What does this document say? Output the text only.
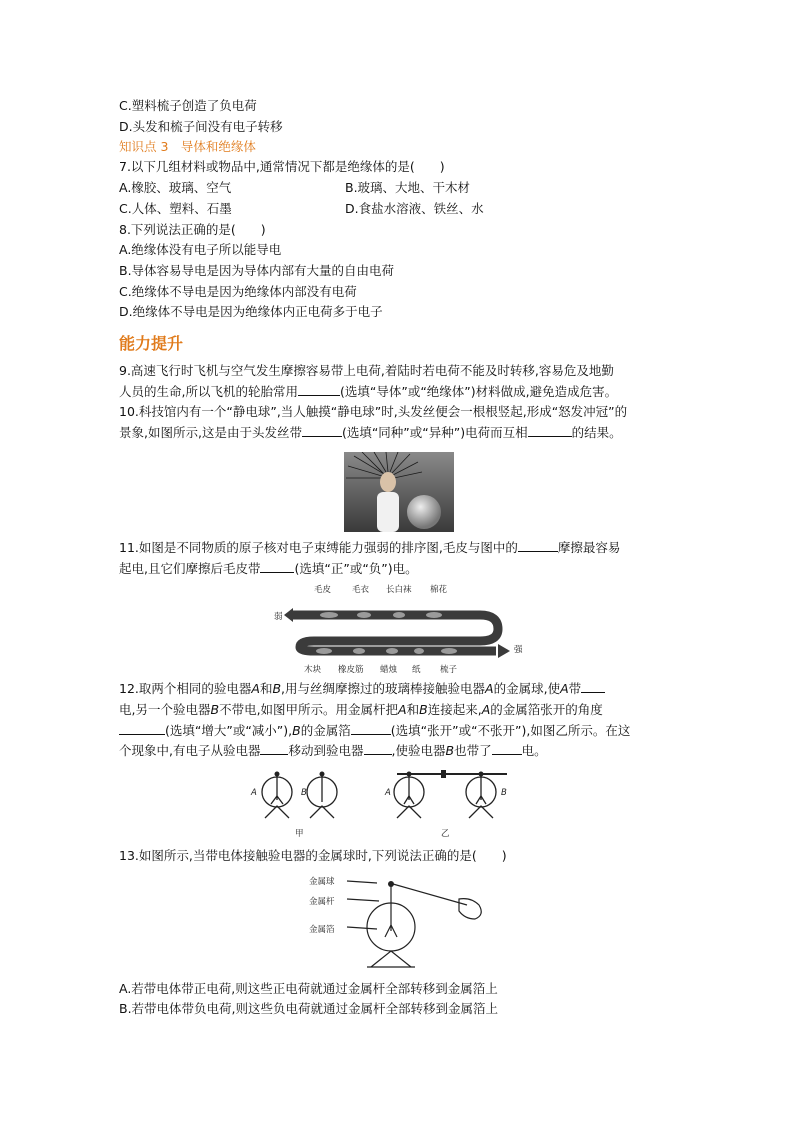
C.塑料梳子创造了负电荷
D.头发和梳子间没有电子转移
知识点 3　导体和绝缘体
7.以下几组材料或物品中,通常情况下都是绝缘体的是(　　)
A.橡胶、玻璃、空气	B.玻璃、大地、干木材
C.人体、塑料、石墨	D.食盐水溶液、铁丝、水
8.下列说法正确的是(　　)
A.绝缘体没有电子所以能导电
B.导体容易导电是因为导体内部有大量的自由电荷
C.绝缘体不导电是因为绝缘体内部没有电荷
D.绝缘体不导电是因为绝缘体内正电荷多于电子
能力提升
9.高速飞行时飞机与空气发生摩擦容易带上电荷,着陆时若电荷不能及时转移,容易危及地勤
人员的生命,所以飞机的轮胎常用	(选填“导体”或“绝缘体”)材料做成,避免造成危害。
10.科技馆内有一个“静电球”,当人触摸“静电球”时,头发丝便会一根根竖起,形成“怒发冲冠”的
景象,如图所示,这是由于头发丝带	(选填“同种”或“异种”)电荷而互相	的结果。
11.如图是不同物质的原子核对电子束缚能力强弱的排序图,毛皮与图中的	摩擦最容易
起电,且它们摩擦后毛皮带	(选填“正”或“负”)电。
毛皮 毛衣 长白袜 棉花
弱
强
木块 橡皮筋 蜡烛 纸 梳子
12.取两个相同的验电器A和B,用与丝绸摩擦过的玻璃棒接触验电器A的金属球,使A带
电,另一个验电器B不带电,如图甲所示。用金属杆把A和B连接起来,A的金属箔张开的角度
(选填“增大”或“减小”),B的金属箔	(选填“张开”或“不张开”),如图乙所示。在这
个现象中,有电子从验电器 移动到验电器 ,使验电器B也带了 电。
A	B	A	B
甲	乙
13.如图所示,当带电体接触验电器的金属球时,下列说法正确的是(　　)
金属球
金属杆
金属箔
A.若带电体带正电荷,则这些正电荷就通过金属杆全部转移到金属箔上
B.若带电体带负电荷,则这些负电荷就通过金属杆全部转移到金属箔上
